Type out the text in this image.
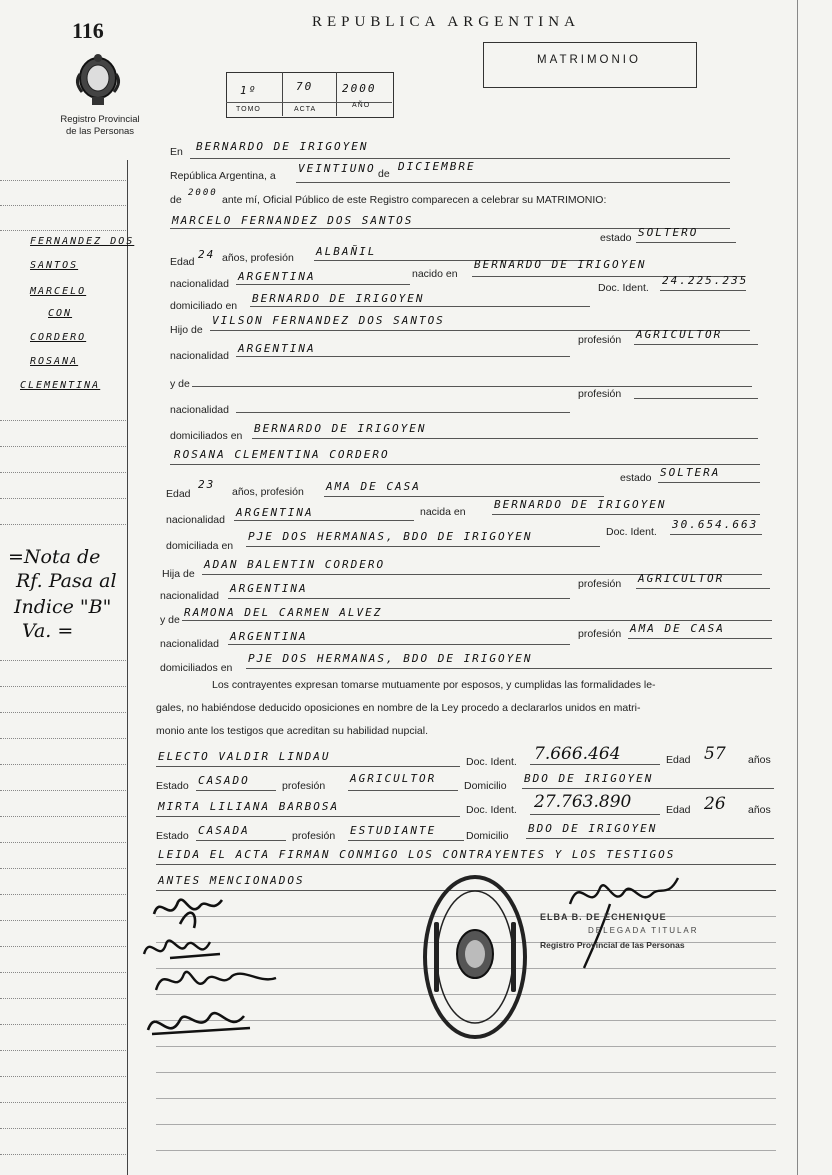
116
Registro Provincial
de las Personas
REPUBLICA ARGENTINA
MATRIMONIO
1º	70	2000
TOMO	ACTA
AÑO
En BERNARDO DE IRIGOYEN
República Argentina, a
VEINTIUNO de
DICIEMBRE
de
2000
ante mí, Oficial Público de este Registro comparecen a celebrar su MATRIMONIO:
MARCELO FERNANDEZ DOS SANTOS
Edad
24 años, profesión ALBAÑIL
estado SOLTERO
nacionalidad
ARGENTINA	nacido en
BERNARDO DE IRIGOYEN
domiciliado en
BERNARDO DE IRIGOYEN
Doc. Ident.
24.225.235
Hijo de
VILSON FERNANDEZ DOS SANTOS
nacionalidad
ARGENTINA
profesión AGRICULTOR
y de
nacionalidad
profesión
domiciliados en
BERNARDO DE IRIGOYEN
ROSANA CLEMENTINA CORDERO
Edad
23
años, profesión AMA DE CASA
estado SOLTERA
nacionalidad
ARGENTINA	nacida en
BERNARDO DE IRIGOYEN
domiciliada en
PJE DOS HERMANAS, BDO DE IRIGOYEN	Doc. Ident.
30.654.663
Hija de
ADAN BALENTIN CORDERO
nacionalidad
ARGENTINA	profesión AGRICULTOR
y de
RAMONA DEL CARMEN ALVEZ
nacionalidad
ARGENTINA	profesión AMA DE CASA
domiciliados en
PJE DOS HERMANAS, BDO DE IRIGOYEN
Los contrayentes expresan tomarse mutuamente por esposos, y cumplidas las formalidades le-
gales, no habiéndose deducido oposiciones en nombre de la Ley procedo a declararlos unidos en matri-
monio ante los testigos que acreditan su habilidad nupcial.
ELECTO VALDIR LINDAU	Doc. Ident. 7.666.464	Edad 57 años
Estado CASADO	profesión
AGRICULTOR
Domicilio
BDO DE IRIGOYEN
MIRTA LILIANA BARBOSA	Doc. Ident. 27.763.890	Edad 26 años
Estado CASADA	profesión ESTUDIANTE	Domicilio
BDO DE IRIGOYEN
LEIDA EL ACTA FIRMAN CONMIGO LOS CONTRAYENTES Y LOS TESTIGOS
ANTES MENCIONADOS
FERNANDEZ DOS
SANTOS
MARCELO
CON
CORDERO
ROSANA
CLEMENTINA
=Nota de
Rf. Pasa al
Indice "B"
Va. =
ELBA B. DE ECHENIQUE
DELEGADA TITULAR
Registro Provincial de las Personas
